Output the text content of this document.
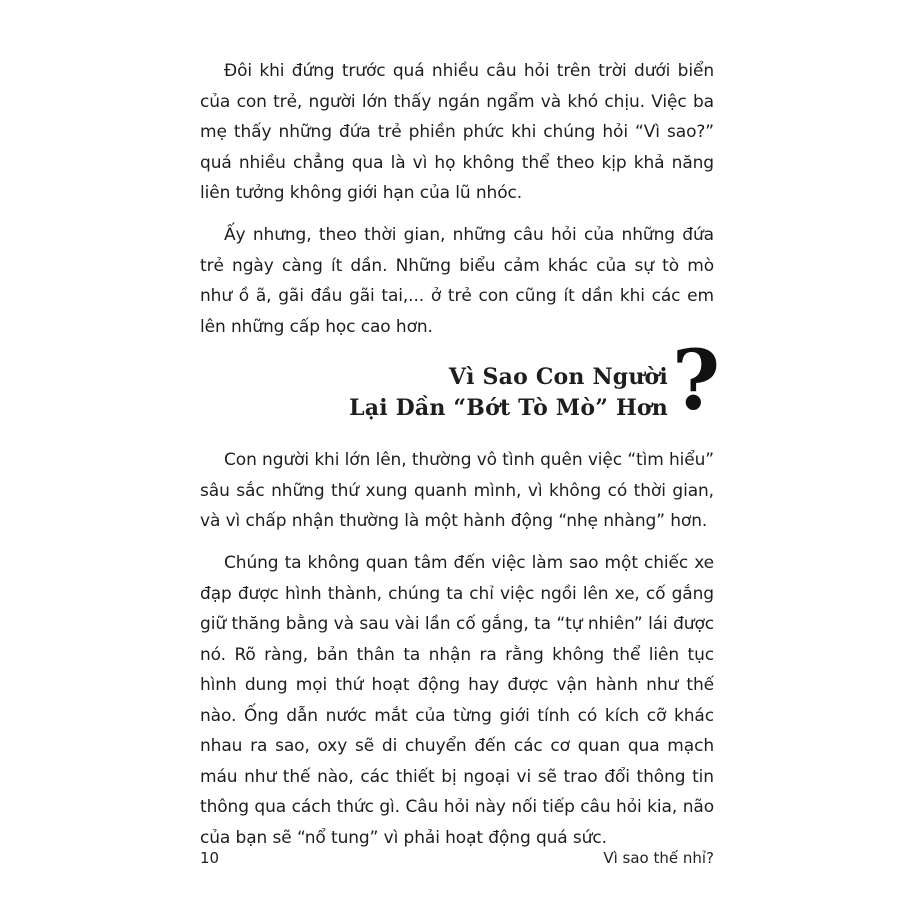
Đôi khi đứng trước quá nhiều câu hỏi trên trời dưới biển của con trẻ, người lớn thấy ngán ngẩm và khó chịu. Việc ba mẹ thấy những đứa trẻ phiền phức khi chúng hỏi “Vì sao?” quá nhiều chẳng qua là vì họ không thể theo kịp khả năng liên tưởng không giới hạn của lũ nhóc.

Ấy nhưng, theo thời gian, những câu hỏi của những đứa trẻ ngày càng ít dần. Những biểu cảm khác của sự tò mò như ồ ã, gãi đầu gãi tai,... ở trẻ con cũng ít dần khi các em lên những cấp học cao hơn.

Vì Sao Con Người
Lại Dần “Bớt Tò Mò” Hơn ?

Con người khi lớn lên, thường vô tình quên việc “tìm hiểu” sâu sắc những thứ xung quanh mình, vì không có thời gian, và vì chấp nhận thường là một hành động “nhẹ nhàng” hơn.

Chúng ta không quan tâm đến việc làm sao một chiếc xe đạp được hình thành, chúng ta chỉ việc ngồi lên xe, cố gắng giữ thăng bằng và sau vài lần cố gắng, ta “tự nhiên” lái được nó. Rõ ràng, bản thân ta nhận ra rằng không thể liên tục hình dung mọi thứ hoạt động hay được vận hành như thế nào. Ống dẫn nước mắt của từng giới tính có kích cỡ khác nhau ra sao, oxy sẽ di chuyển đến các cơ quan qua mạch máu như thế nào, các thiết bị ngoại vi sẽ trao đổi thông tin thông qua cách thức gì. Câu hỏi này nối tiếp câu hỏi kia, não của bạn sẽ “nổ tung” vì phải hoạt động quá sức.

10	Vì sao thế nhỉ?
